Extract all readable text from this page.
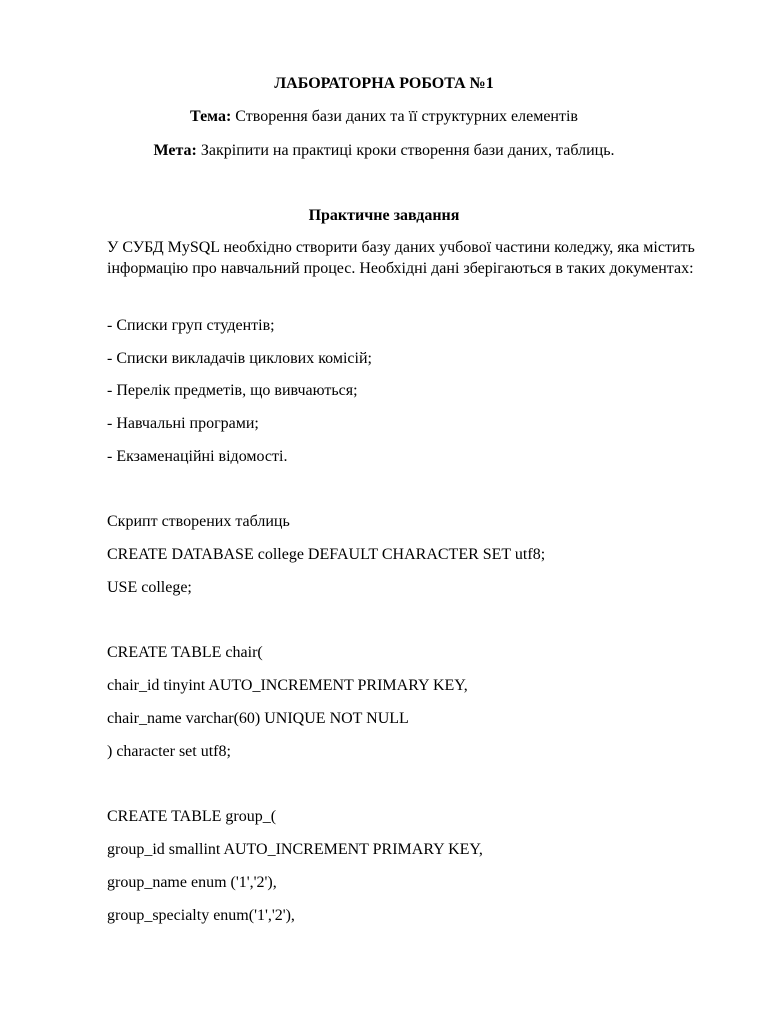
ЛАБОРАТОРНА РОБОТА №1
Тема: Створення бази даних та її структурних елементів
Мета: Закріпити на практиці кроки створення бази даних, таблиць.
Практичне завдання
У СУБД MySQL необхідно створити базу даних учбової частини коледжу, яка містить інформацію про навчальний процес. Необхідні дані зберігаються в таких документах:
- Списки груп студентів;
- Списки викладачів циклових комісій;
- Перелік предметів, що вивчаються;
- Навчальні програми;
- Екзаменаційні відомості.
Скрипт створених таблиць
CREATE DATABASE college DEFAULT CHARACTER SET utf8;
USE college;
CREATE TABLE chair(
chair_id tinyint AUTO_INCREMENT PRIMARY KEY,
chair_name varchar(60) UNIQUE NOT NULL
) character set utf8;
CREATE TABLE group_(
group_id smallint AUTO_INCREMENT PRIMARY KEY,
group_name enum ('1','2'),
group_specialty enum('1','2'),
